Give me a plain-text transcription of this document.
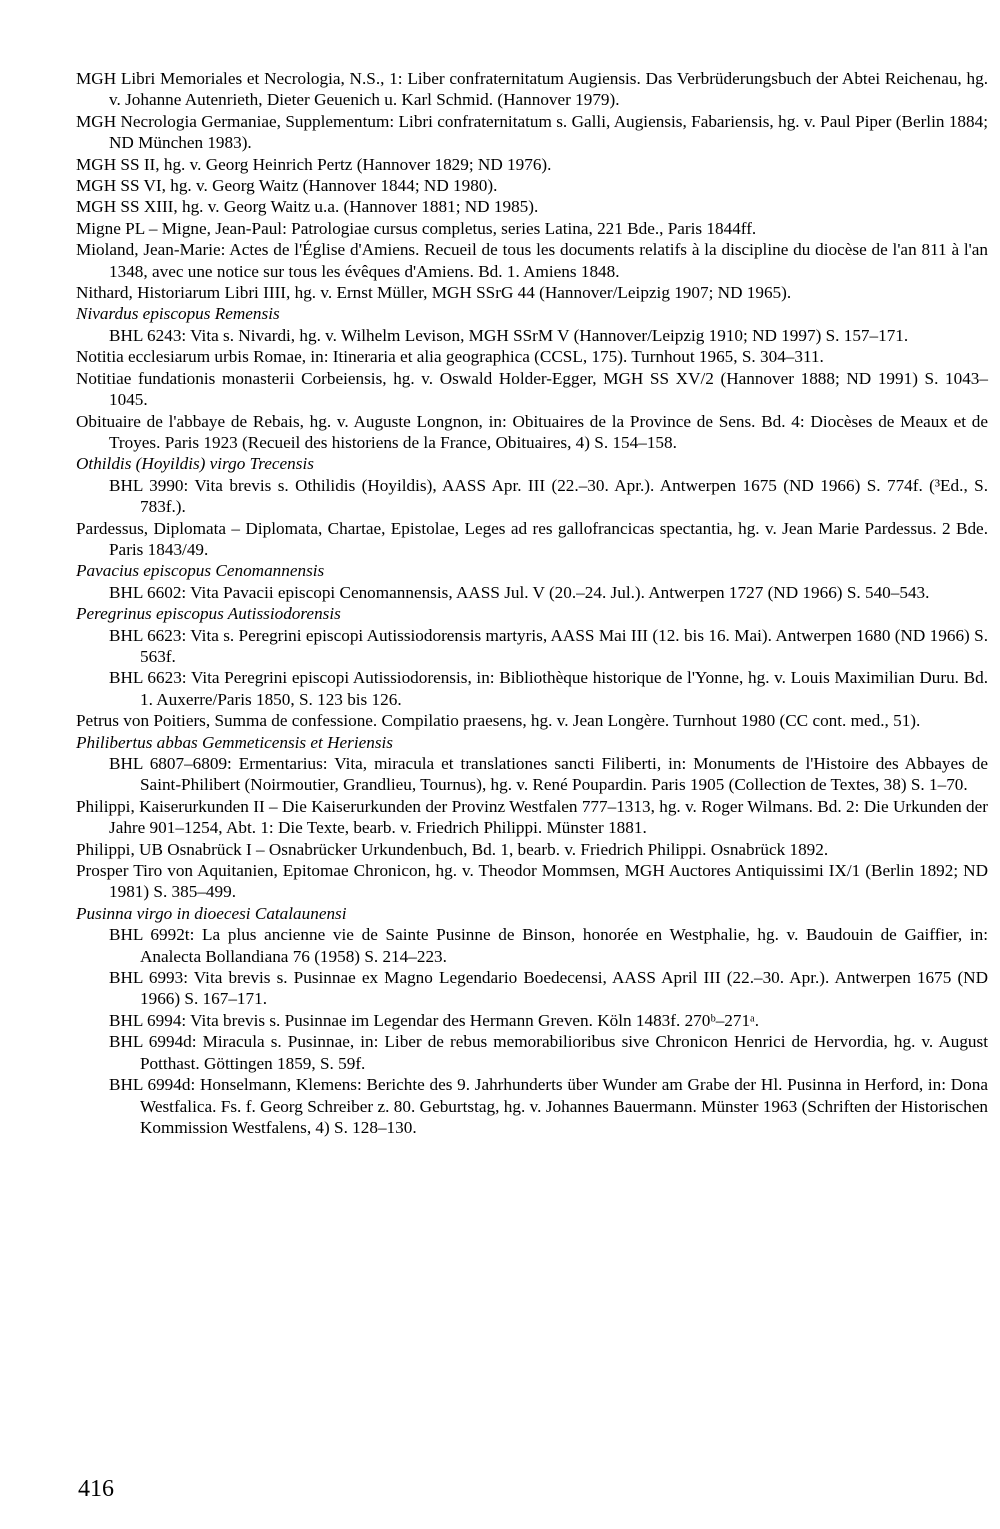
MGH Libri Memoriales et Necrologia, N.S., 1: Liber confraternitatum Augiensis. Das Verbrüderungsbuch der Abtei Reichenau, hg. v. Johanne Autenrieth, Dieter Geuenich u. Karl Schmid. (Hannover 1979).

MGH Necrologia Germaniae, Supplementum: Libri confraternitatum s. Galli, Augiensis, Fabariensis, hg. v. Paul Piper (Berlin 1884; ND München 1983).

MGH SS II, hg. v. Georg Heinrich Pertz (Hannover 1829; ND 1976).

MGH SS VI, hg. v. Georg Waitz (Hannover 1844; ND 1980).

MGH SS XIII, hg. v. Georg Waitz u.a. (Hannover 1881; ND 1985).

Migne PL – Migne, Jean-Paul: Patrologiae cursus completus, series Latina, 221 Bde., Paris 1844ff.

Mioland, Jean-Marie: Actes de l'Église d'Amiens. Recueil de tous les documents relatifs à la discipline du diocèse de l'an 811 à l'an 1348, avec une notice sur tous les évêques d'Amiens. Bd. 1. Amiens 1848.

Nithard, Historiarum Libri IIII, hg. v. Ernst Müller, MGH SSrG 44 (Hannover/Leipzig 1907; ND 1965).

Nivardus episcopus Remensis

BHL 6243: Vita s. Nivardi, hg. v. Wilhelm Levison, MGH SSrM V (Hannover/Leipzig 1910; ND 1997) S. 157–171.

Notitia ecclesiarum urbis Romae, in: Itineraria et alia geographica (CCSL, 175). Turnhout 1965, S. 304–311.

Notitiae fundationis monasterii Corbeiensis, hg. v. Oswald Holder-Egger, MGH SS XV/2 (Hannover 1888; ND 1991) S. 1043–1045.

Obituaire de l'abbaye de Rebais, hg. v. Auguste Longnon, in: Obituaires de la Province de Sens. Bd. 4: Diocèses de Meaux et de Troyes. Paris 1923 (Recueil des historiens de la France, Obituaires, 4) S. 154–158.

Othildis (Hoyildis) virgo Trecensis

BHL 3990: Vita brevis s. Othilidis (Hoyildis), AASS Apr. III (22.–30. Apr.). Antwerpen 1675 (ND 1966) S. 774f. (³Ed., S. 783f.).

Pardessus, Diplomata – Diplomata, Chartae, Epistolae, Leges ad res gallofrancicas spectantia, hg. v. Jean Marie Pardessus. 2 Bde. Paris 1843/49.

Pavacius episcopus Cenomannensis

BHL 6602: Vita Pavacii episcopi Cenomannensis, AASS Jul. V (20.–24. Jul.). Antwerpen 1727 (ND 1966) S. 540–543.

Peregrinus episcopus Autissiodorensis

BHL 6623: Vita s. Peregrini episcopi Autissiodorensis martyris, AASS Mai III (12. bis 16. Mai). Antwerpen 1680 (ND 1966) S. 563f.

BHL 6623: Vita Peregrini episcopi Autissiodorensis, in: Bibliothèque historique de l'Yonne, hg. v. Louis Maximilian Duru. Bd. 1. Auxerre/Paris 1850, S. 123 bis 126.

Petrus von Poitiers, Summa de confessione. Compilatio praesens, hg. v. Jean Longère. Turnhout 1980 (CC cont. med., 51).

Philibertus abbas Gemmeticensis et Heriensis

BHL 6807–6809: Ermentarius: Vita, miracula et translationes sancti Filiberti, in: Monuments de l'Histoire des Abbayes de Saint-Philibert (Noirmoutier, Grandlieu, Tournus), hg. v. René Poupardin. Paris 1905 (Collection de Textes, 38) S. 1–70.

Philippi, Kaiserurkunden II – Die Kaiserurkunden der Provinz Westfalen 777–1313, hg. v. Roger Wilmans. Bd. 2: Die Urkunden der Jahre 901–1254, Abt. 1: Die Texte, bearb. v. Friedrich Philippi. Münster 1881.

Philippi, UB Osnabrück I – Osnabrücker Urkundenbuch, Bd. 1, bearb. v. Friedrich Philippi. Osnabrück 1892.

Prosper Tiro von Aquitanien, Epitomae Chronicon, hg. v. Theodor Mommsen, MGH Auctores Antiquissimi IX/1 (Berlin 1892; ND 1981) S. 385–499.

Pusinna virgo in dioecesi Catalaunensi

BHL 6992t: La plus ancienne vie de Sainte Pusinne de Binson, honorée en Westphalie, hg. v. Baudouin de Gaiffier, in: Analecta Bollandiana 76 (1958) S. 214–223.

BHL 6993: Vita brevis s. Pusinnae ex Magno Legendario Boedecensi, AASS April III (22.–30. Apr.). Antwerpen 1675 (ND 1966) S. 167–171.

BHL 6994: Vita brevis s. Pusinnae im Legendar des Hermann Greven. Köln 1483f. 270ᵇ–271ᵃ.

BHL 6994d: Miracula s. Pusinnae, in: Liber de rebus memorabilioribus sive Chronicon Henrici de Hervordia, hg. v. August Potthast. Göttingen 1859, S. 59f.

BHL 6994d: Honselmann, Klemens: Berichte des 9. Jahrhunderts über Wunder am Grabe der Hl. Pusinna in Herford, in: Dona Westfalica. Fs. f. Georg Schreiber z. 80. Geburtstag, hg. v. Johannes Bauermann. Münster 1963 (Schriften der Historischen Kommission Westfalens, 4) S. 128–130.

416
